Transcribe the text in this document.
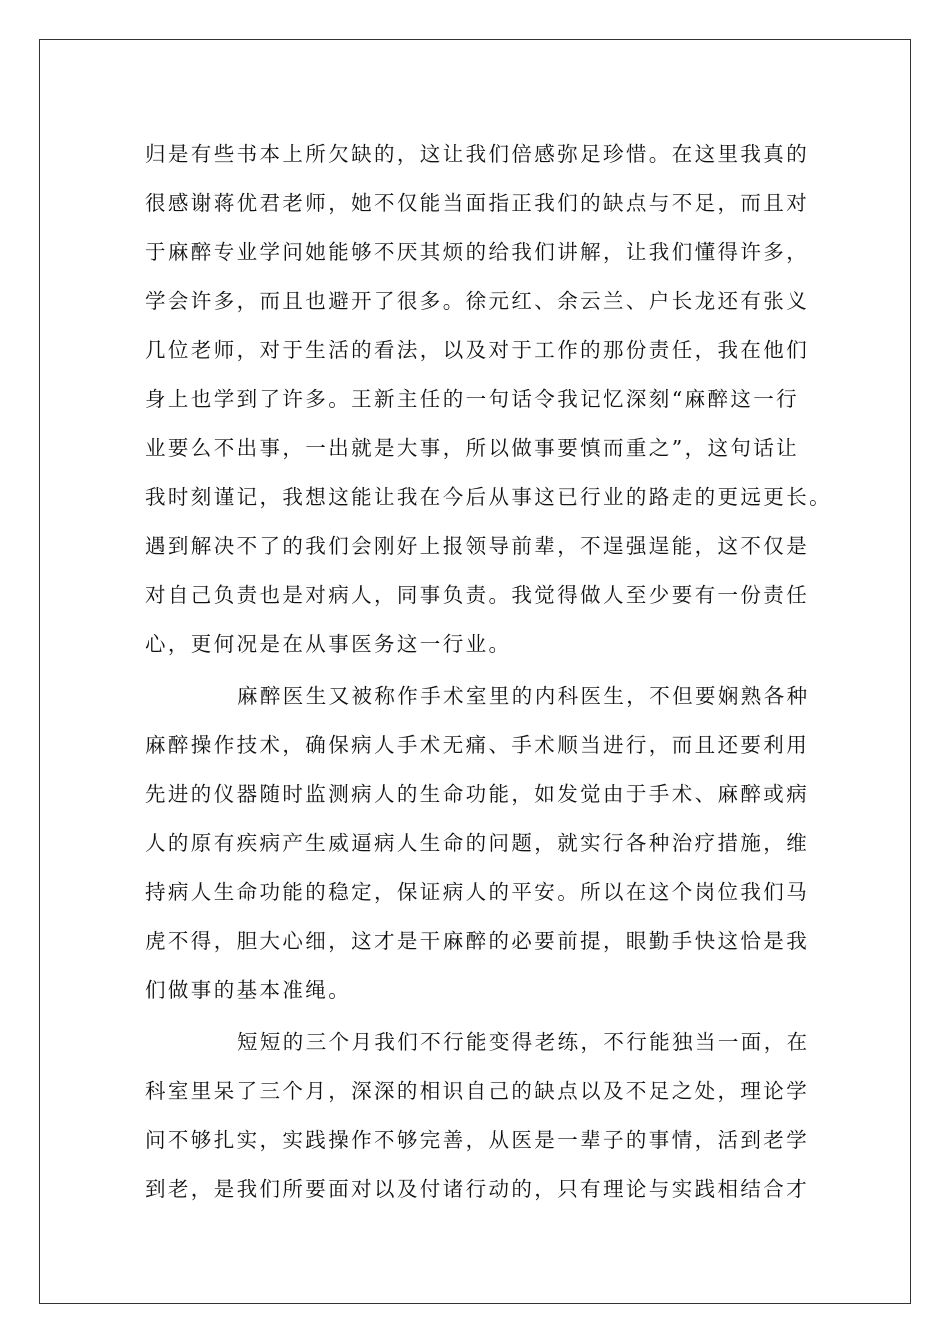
归是有些书本上所欠缺的，这让我们倍感弥足珍惜。在这里我真的
很感谢蒋优君老师，她不仅能当面指正我们的缺点与不足，而且对
于麻醉专业学问她能够不厌其烦的给我们讲解，让我们懂得许多，
学会许多，而且也避开了很多。徐元红、余云兰、户长龙还有张义
几位老师，对于生活的看法，以及对于工作的那份责任，我在他们
身上也学到了许多。王新主任的一句话令我记忆深刻“麻醉这一行
业要么不出事，一出就是大事，所以做事要慎而重之”，这句话让
我时刻谨记，我想这能让我在今后从事这已行业的路走的更远更长。
遇到解决不了的我们会刚好上报领导前辈，不逞强逞能，这不仅是
对自己负责也是对病人，同事负责。我觉得做人至少要有一份责任
心，更何况是在从事医务这一行业。
麻醉医生又被称作手术室里的内科医生，不但要娴熟各种
麻醉操作技术，确保病人手术无痛、手术顺当进行，而且还要利用
先进的仪器随时监测病人的生命功能，如发觉由于手术、麻醉或病
人的原有疾病产生威逼病人生命的问题，就实行各种治疗措施，维
持病人生命功能的稳定，保证病人的平安。所以在这个岗位我们马
虎不得，胆大心细，这才是干麻醉的必要前提，眼勤手快这恰是我
们做事的基本准绳。
短短的三个月我们不行能变得老练，不行能独当一面，在
科室里呆了三个月，深深的相识自己的缺点以及不足之处，理论学
问不够扎实，实践操作不够完善，从医是一辈子的事情，活到老学
到老，是我们所要面对以及付诸行动的，只有理论与实践相结合才
